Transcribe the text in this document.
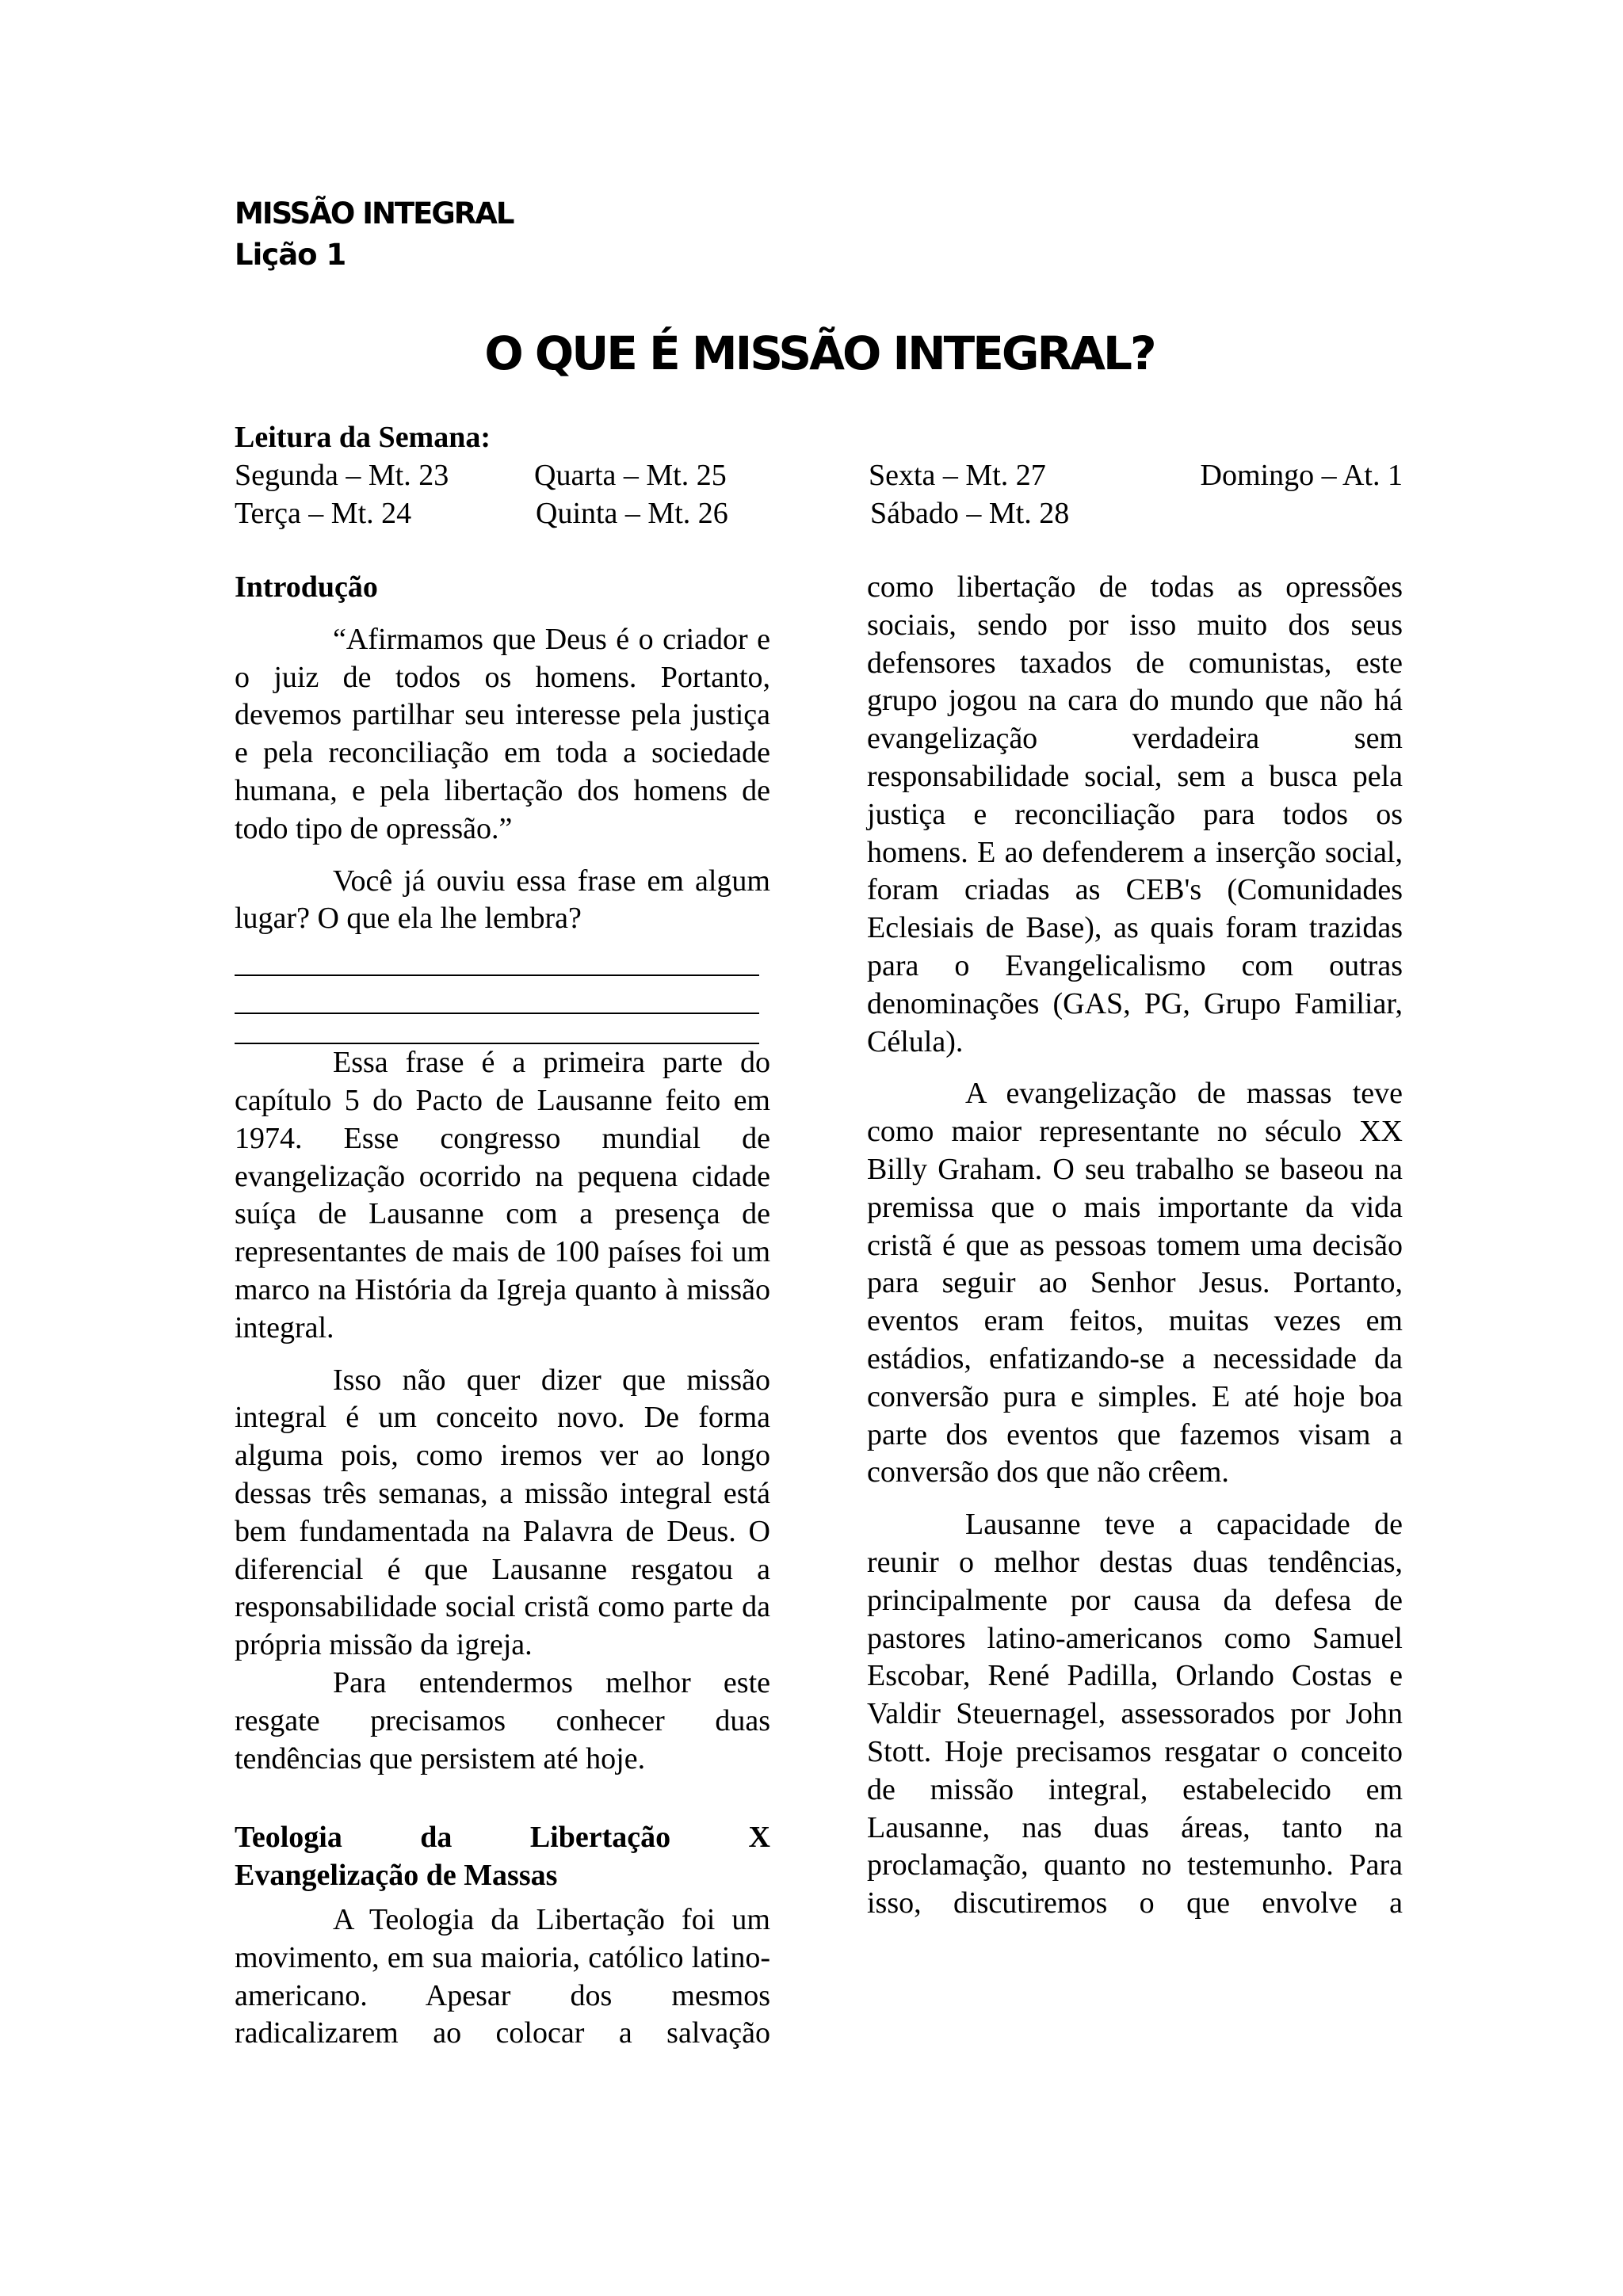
MISSÃO INTEGRAL
Lição 1
O QUE É MISSÃO INTEGRAL?
Leitura da Semana:
Segunda – Mt. 23	Quarta – Mt. 25	Sexta – Mt. 27	Domingo – At. 1
Terça – Mt. 24	Quinta – Mt. 26	Sábado – Mt. 28
Introdução

“Afirmamos que Deus é o criador e o juiz de todos os homens. Portanto, devemos partilhar seu interesse pela justiça e pela reconciliação em toda a sociedade humana, e pela libertação dos homens de todo tipo de opressão.”

Você já ouviu essa frase em algum lugar? O que ela lhe lembra?

Essa frase é a primeira parte do capítulo 5 do Pacto de Lausanne feito em 1974. Esse congresso mundial de evangelização ocorrido na pequena cidade suíça de Lausanne com a presença de representantes de mais de 100 países foi um marco na História da Igreja quanto à missão integral.

Isso não quer dizer que missão integral é um conceito novo. De forma alguma pois, como iremos ver ao longo dessas três semanas, a missão integral está bem fundamentada na Palavra de Deus. O diferencial é que Lausanne resgatou a responsabilidade social cristã como parte da própria missão da igreja.

Para entendermos melhor este resgate precisamos conhecer duas tendências que persistem até hoje.

Teologia da Libertação X
Evangelização de Massas

A Teologia da Libertação foi um movimento, em sua maioria, católico latino-americano. Apesar dos mesmos radicalizarem ao colocar a salvação

como libertação de todas as opressões sociais, sendo por isso muito dos seus defensores taxados de comunistas, este grupo jogou na cara do mundo que não há evangelização verdadeira sem responsabilidade social, sem a busca pela justiça e reconciliação para todos os homens. E ao defenderem a inserção social, foram criadas as CEB's (Comunidades Eclesiais de Base), as quais foram trazidas para o Evangelicalismo com outras denominações (GAS, PG, Grupo Familiar, Célula).

A evangelização de massas teve como maior representante no século XX Billy Graham. O seu trabalho se baseou na premissa que o mais importante da vida cristã é que as pessoas tomem uma decisão para seguir ao Senhor Jesus. Portanto, eventos eram feitos, muitas vezes em estádios, enfatizando-se a necessidade da conversão pura e simples. E até hoje boa parte dos eventos que fazemos visam a conversão dos que não crêem.

Lausanne teve a capacidade de reunir o melhor destas duas tendências, principalmente por causa da defesa de pastores latino-americanos como Samuel Escobar, René Padilla, Orlando Costas e Valdir Steuernagel, assessorados por John Stott. Hoje precisamos resgatar o conceito de missão integral, estabelecido em Lausanne, nas duas áreas, tanto na proclamação, quanto no testemunho. Para isso, discutiremos o que envolve a
